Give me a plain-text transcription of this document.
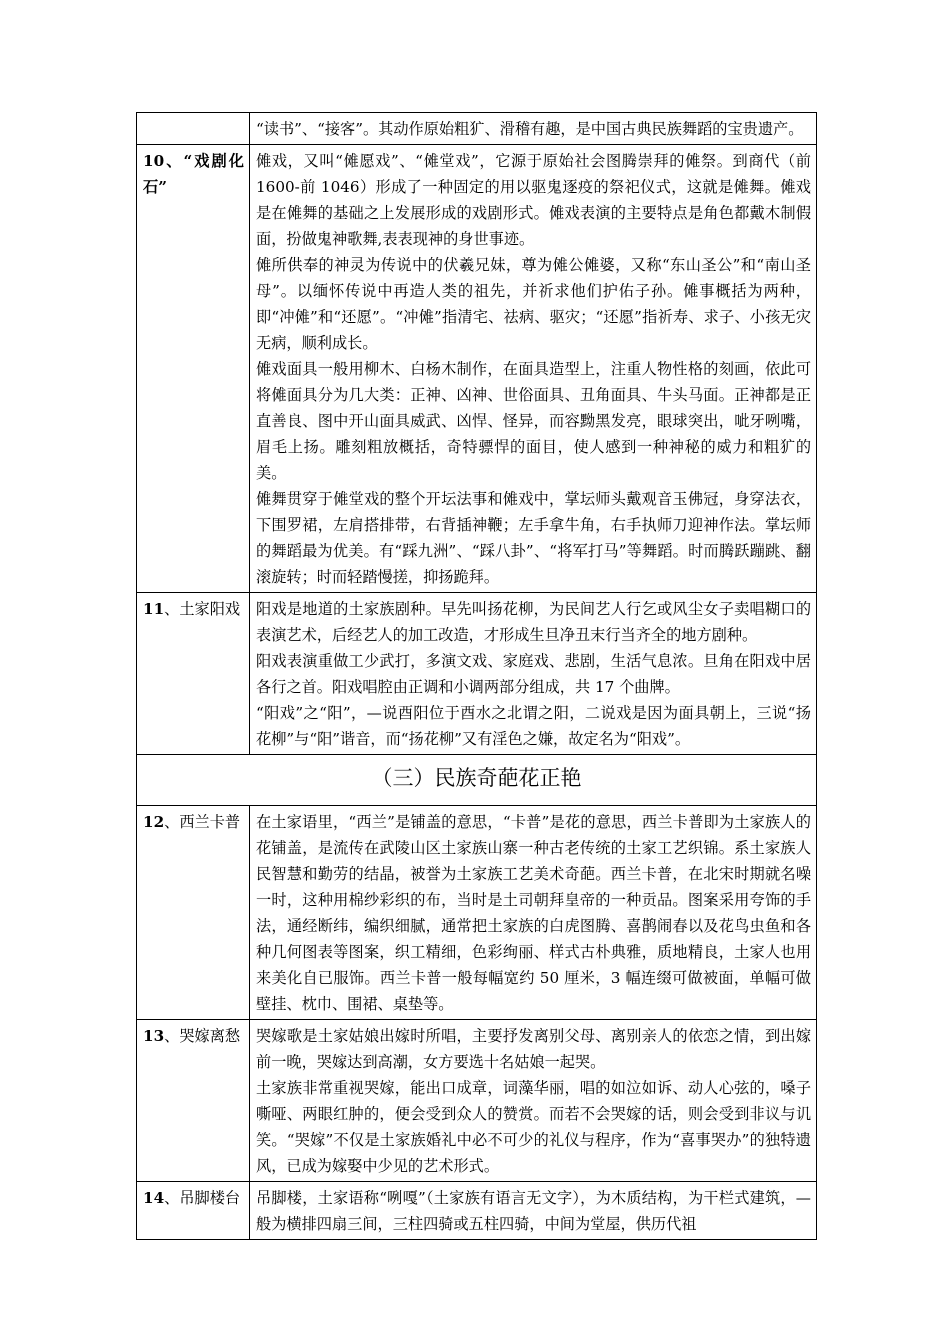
	“读书”、“接客”。其动作原始粗犷、滑稽有趣，是中国古典民族舞蹈的宝贵遗产。

10、“戏剧化石”	傩戏，又叫“傩愿戏”、“傩堂戏”，它源于原始社会图腾崇拜的傩祭。到商代（前 1600-前 1046）形成了一种固定的用以驱鬼逐疫的祭祀仪式，这就是傩舞。傩戏是在傩舞的基础之上发展形成的戏剧形式。傩戏表演的主要特点是角色都戴木制假面，扮做鬼神歌舞,表表现神的身世事迹。

傩所供奉的神灵为传说中的伏羲兄妹，尊为傩公傩婆，又称“东山圣公”和“南山圣母”。以缅怀传说中再造人类的祖先，并祈求他们护佑子孙。傩事概括为两种，即“冲傩”和“还愿”。“冲傩”指清宅、祛病、驱灾；“还愿”指祈寿、求子、小孩无灾无病，顺利成长。

傩戏面具一般用柳木、白杨木制作，在面具造型上，注重人物性格的刻画，依此可将傩面具分为几大类：正神、凶神、世俗面具、丑角面具、牛头马面。正神都是正直善良、图中开山面具威武、凶悍、怪异，而容黝黑发亮，眼球突出，呲牙咧嘴，眉毛上扬。雕刻粗放概括，奇特骠悍的面目，使人感到一种神秘的威力和粗犷的美。

傩舞贯穿于傩堂戏的整个开坛法事和傩戏中，掌坛师头戴观音玉佛冠，身穿法衣，下围罗裙，左肩搭排带，右背插神鞭；左手拿牛角，右手执师刀迎神作法。掌坛师的舞蹈最为优美。有“踩九洲”、“踩八卦”、“将军打马”等舞蹈。时而腾跃蹦跳、翻滚旋转；时而轻踏慢搓，抑扬跪拜。

11、土家阳戏	阳戏是地道的土家族剧种。早先叫扬花柳，为民间艺人行乞或风尘女子卖唱糊口的表演艺术，后经艺人的加工改造，才形成生旦净丑末行当齐全的地方剧种。

阳戏表演重做工少武打，多演文戏、家庭戏、悲剧，生活气息浓。旦角在阳戏中居各行之首。阳戏唱腔由正调和小调两部分组成，共 17 个曲牌。

“阳戏”之“阳”，—说酉阳位于酉水之北谓之阳，二说戏是因为面具朝上，三说“扬花柳”与“阳”谐音，而“扬花柳”又有淫色之嫌，故定名为“阳戏”。

（三）民族奇葩花正艳	
12、西兰卡普	在土家语里，“西兰”是铺盖的意思，“卡普”是花的意思，西兰卡普即为土家族人的花铺盖，是流传在武陵山区土家族山寨一种古老传统的土家工艺织锦。系土家族人民智慧和勤劳的结晶，被誉为土家族工艺美术奇葩。西兰卡普，在北宋时期就名噪一时，这种用棉纱彩织的布，当时是土司朝拜皇帝的一种贡品。图案采用夸饰的手法，通经断纬，编织细腻，通常把土家族的白虎图腾、喜鹊闹春以及花鸟虫鱼和各种几何图表等图案，织工精细，色彩绚丽、样式古朴典雅，质地精良，土家人也用来美化自已服饰。西兰卡普一般每幅宽约 50 厘米，3 幅连缀可做被面，单幅可做壁挂、枕巾、围裙、桌垫等。

13、哭嫁离愁	哭嫁歌是土家姑娘出嫁时所唱，主要抒发离别父母、离别亲人的依恋之情，到出嫁前一晚，哭嫁达到高潮，女方要选十名姑娘一起哭。

土家族非常重视哭嫁，能出口成章，词藻华丽，唱的如泣如诉、动人心弦的，嗓子嘶哑、两眼红肿的，便会受到众人的赞赏。而若不会哭嫁的话，则会受到非议与讥笑。“哭嫁”不仅是土家族婚礼中必不可少的礼仪与程序，作为“喜事哭办”的独特遗风，已成为嫁娶中少见的艺术形式。

14、吊脚楼台	吊脚楼，土家语称“咧嘎”（土家族有语言无文字），为木质结构，为干栏式建筑，—般为横排四扇三间，三柱四骑或五柱四骑，中间为堂屋，供历代祖
